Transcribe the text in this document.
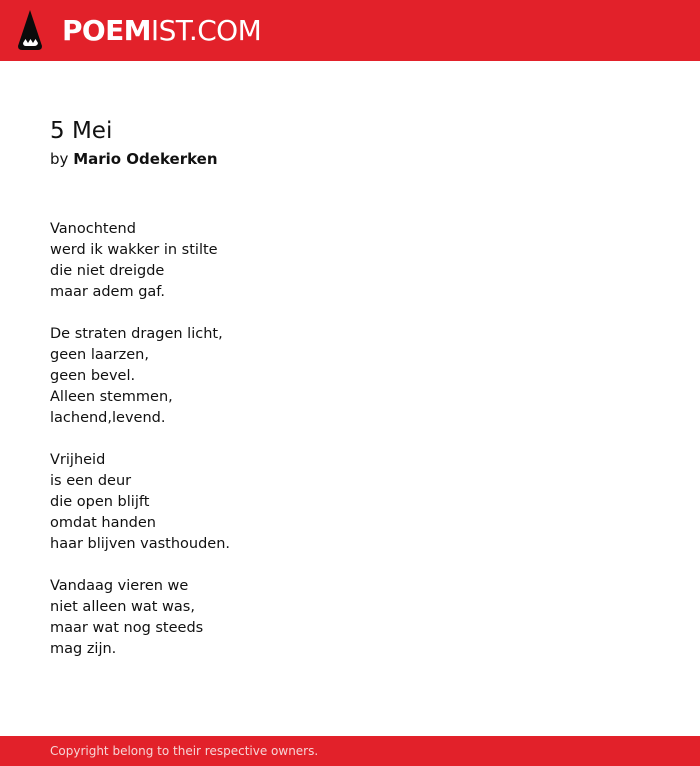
POEMIST.COM
5 Mei
by Mario Odekerken
Vanochtend
werd ik wakker in stilte
die niet dreigde
maar adem gaf.
De straten dragen licht,
geen laarzen,
geen bevel.
Alleen stemmen,
lachend,levend.
Vrijheid
is een deur
die open blijft
omdat handen
haar blijven vasthouden.
Vandaag vieren we
niet alleen wat was,
maar wat nog steeds
mag zijn.
Copyright belong to their respective owners.
